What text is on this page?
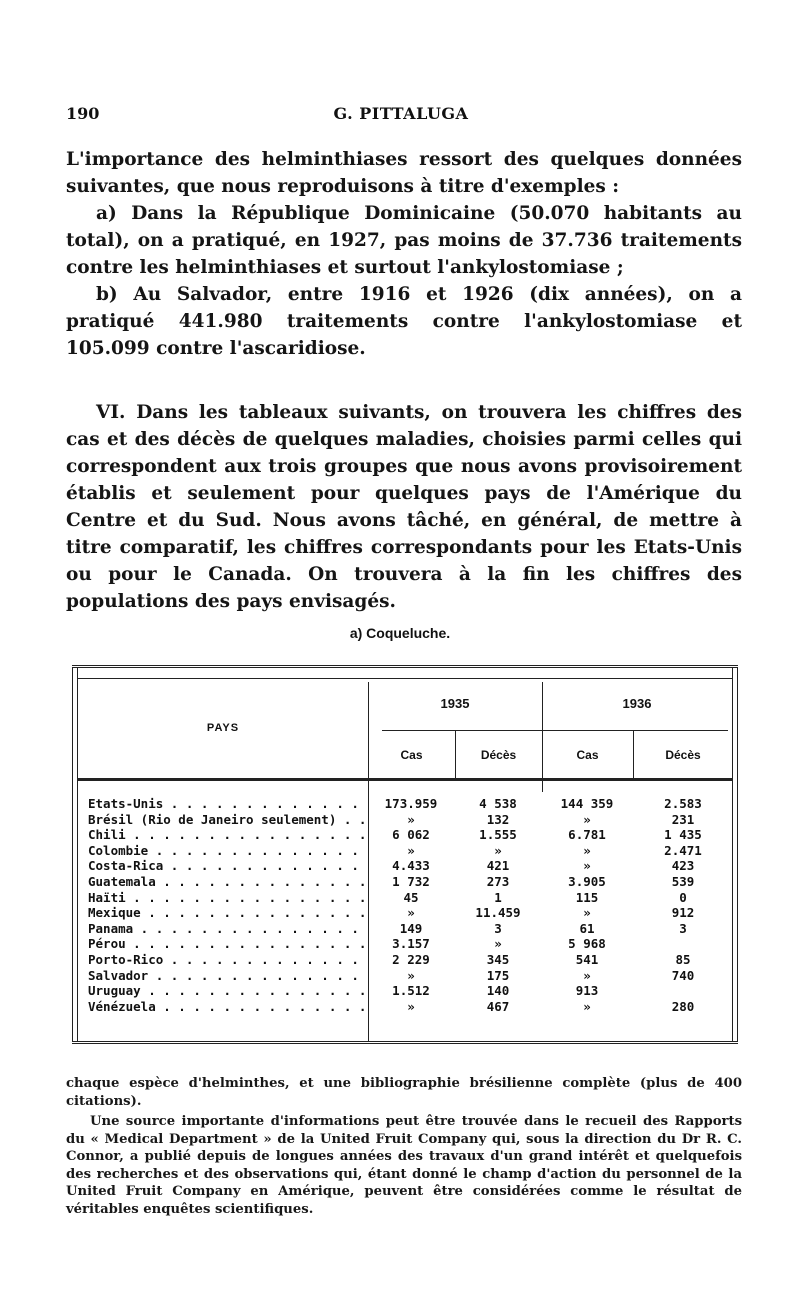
190	G. PITTALUGA

L'importance des helminthiases ressort des quelques données suivantes, que nous reproduisons à titre d'exemples :

a) Dans la République Dominicaine (50.070 habitants au total), on a pratiqué, en 1927, pas moins de 37.736 traitements contre les helminthiases et surtout l'ankylostomiase ;

b) Au Salvador, entre 1916 et 1926 (dix années), on a pratiqué 441.980 traitements contre l'ankylostomiase et 105.099 contre l'ascaridiose.

VI. Dans les tableaux suivants, on trouvera les chiffres des cas et des décès de quelques maladies, choisies parmi celles qui correspondent aux trois groupes que nous avons provisoirement établis et seulement pour quelques pays de l'Amérique du Centre et du Sud. Nous avons tâché, en général, de mettre à titre comparatif, les chiffres correspondants pour les Etats-Unis ou pour le Canada. On trouvera à la fin les chiffres des populations des pays envisagés.

a) Coqueluche.
PAYS
1935	1936
Cas	Décès	Cas	Décès
Etats-Unis . . .	173.959	4 538	144 359	2.583
Brésil (Rio de Janeiro seulement) . . .	»	132	»	231
Chili . . .	6 062	1.555	6.781	1 435
Colombie . . .	»	»	»	2.471
Costa-Rica . . .	4.433	421	»	423
Guatemala . . .	1 732	273	3.905	539
Haïti . . .	45	1	115	0
Mexique . . .	»	11.459	»	912
Panama . . .	149	3	61	3
Pérou . . .	3.157	»	5 968
Porto-Rico . . .	2 229	345	541	85
Salvador . . .	»	175	»	740
Uruguay . . .	1.512	140	913
Vénézuela . . .	»	467	»	280

chaque espèce d'helminthes, et une bibliographie brésilienne complète (plus de 400 citations).

Une source importante d'informations peut être trouvée dans le recueil des Rapports du « Medical Department » de la United Fruit Company qui, sous la direction du Dr R. C. Connor, a publié depuis de longues années des travaux d'un grand intérêt et quelquefois des recherches et des observations qui, étant donné le champ d'action du personnel de la United Fruit Company en Amérique, peuvent être considérées comme le résultat de véritables enquêtes scientifiques.
